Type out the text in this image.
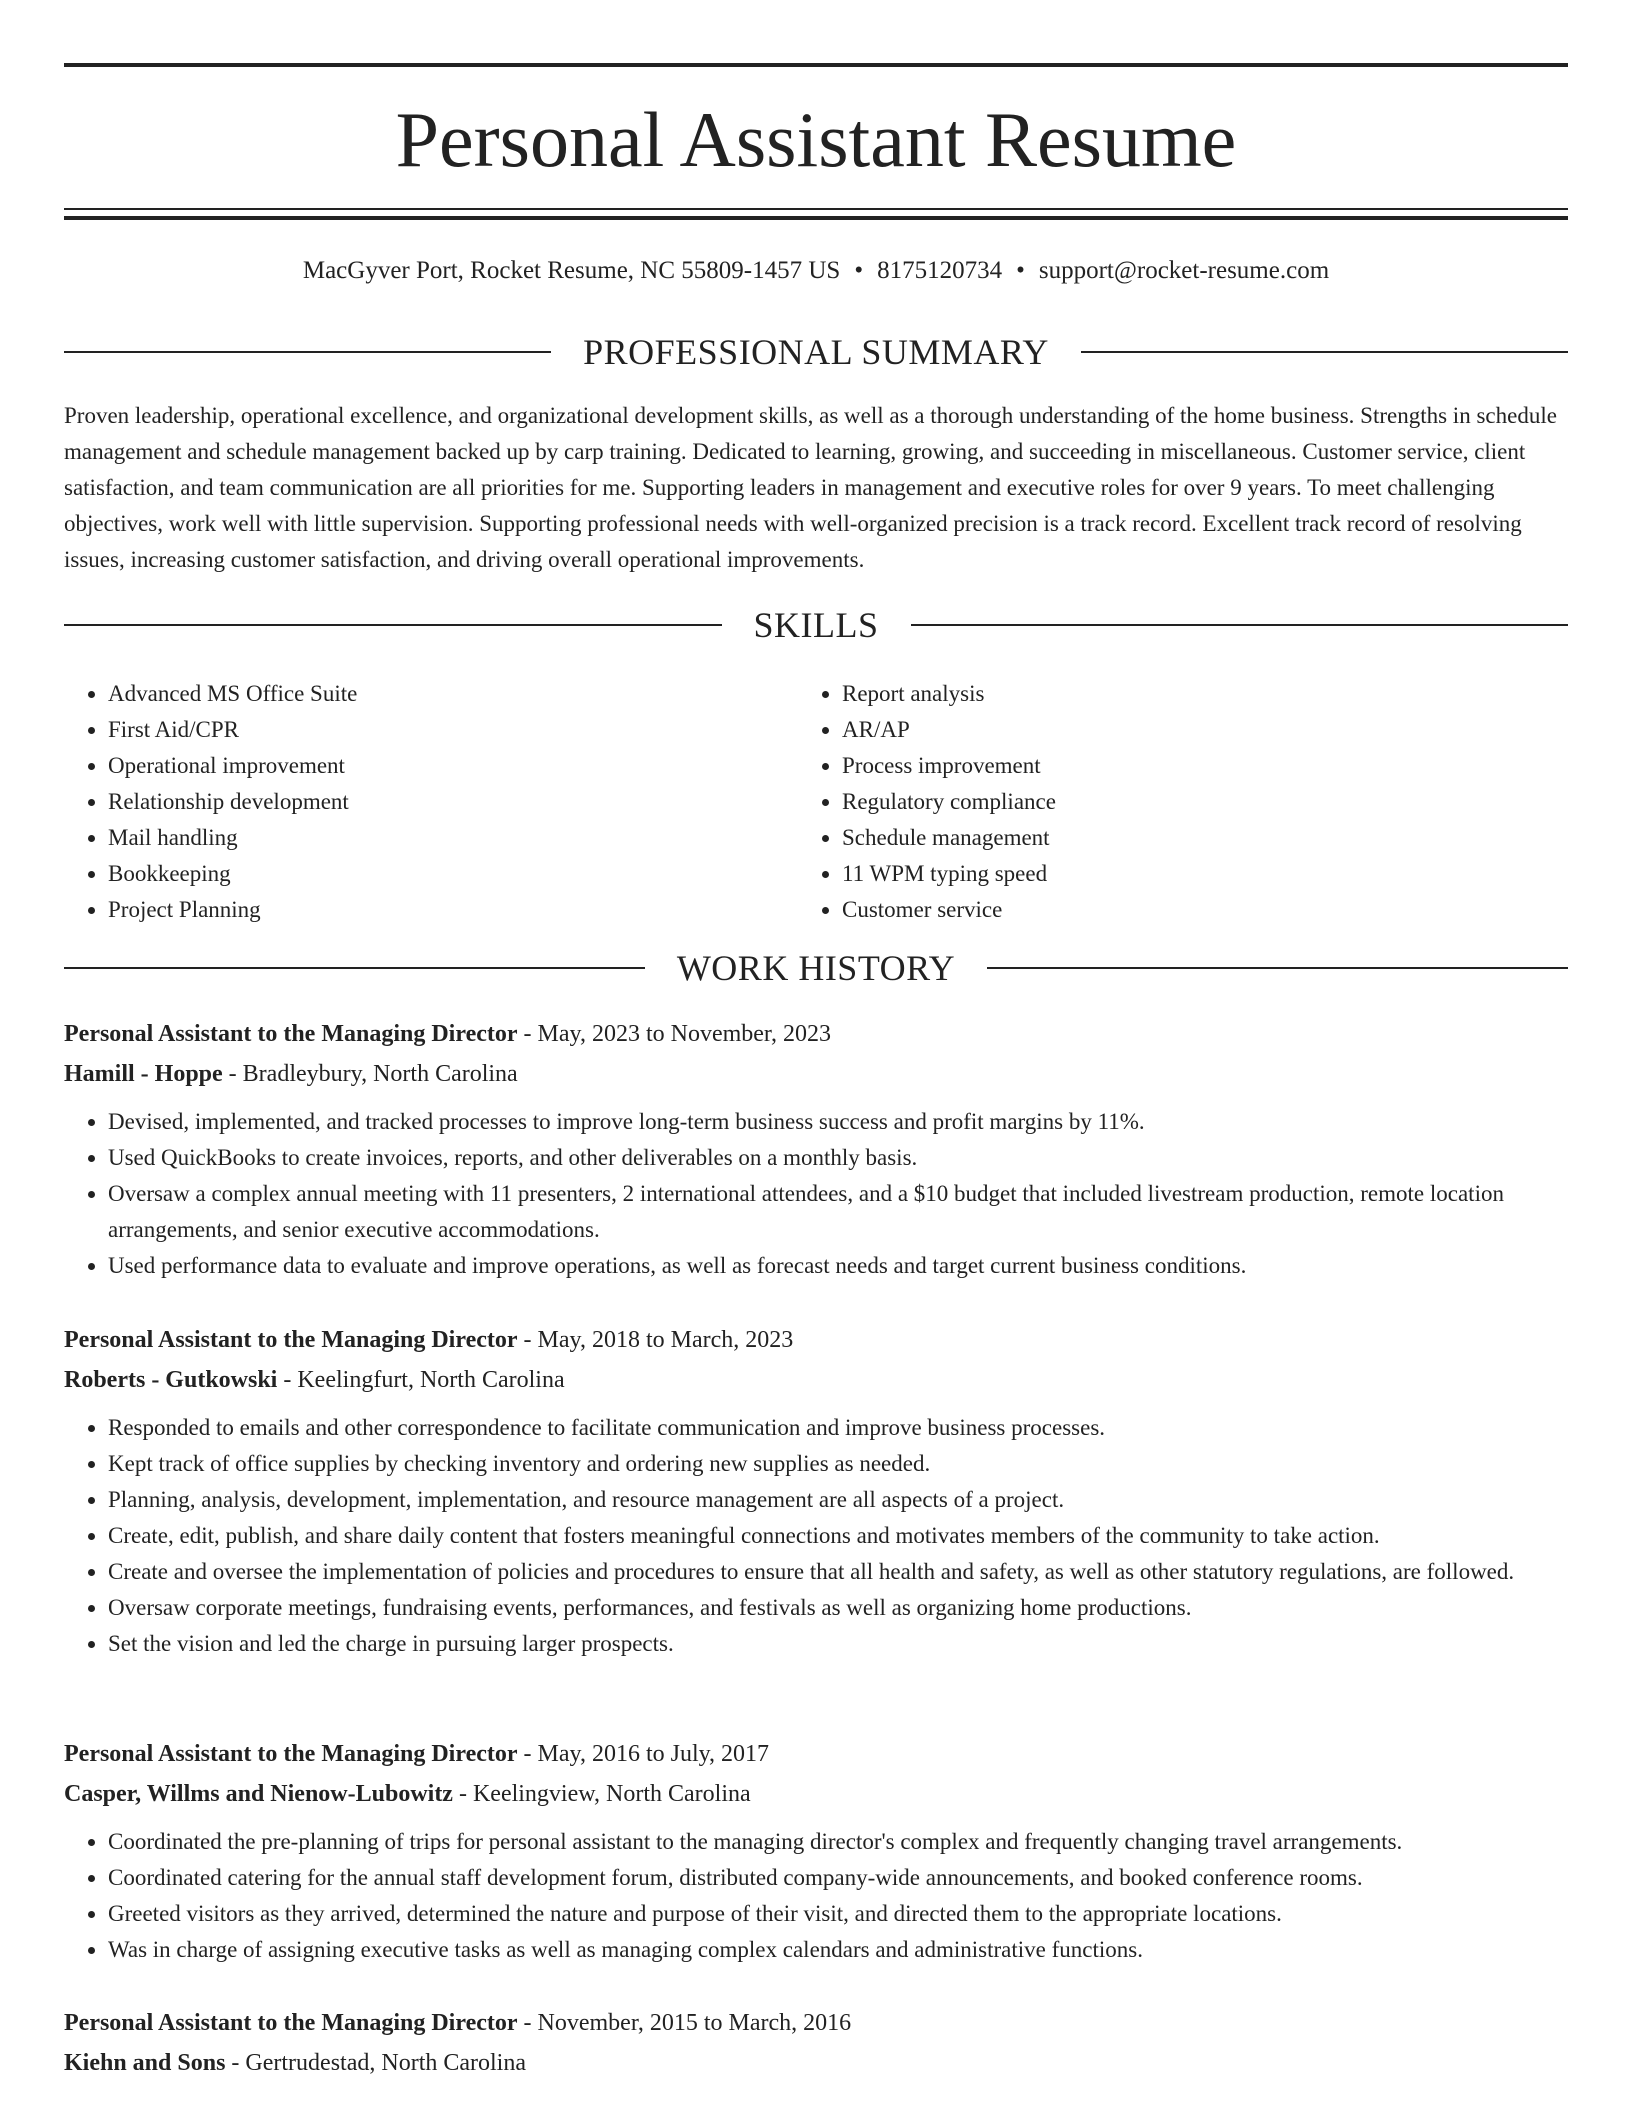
Personal Assistant Resume
MacGyver Port, Rocket Resume, NC 55809-1457 US • 8175120734 • support@rocket-resume.com
PROFESSIONAL SUMMARY
Proven leadership, operational excellence, and organizational development skills, as well as a thorough understanding of the home business. Strengths in schedule management and schedule management backed up by carp training. Dedicated to learning, growing, and succeeding in miscellaneous. Customer service, client satisfaction, and team communication are all priorities for me. Supporting leaders in management and executive roles for over 9 years. To meet challenging objectives, work well with little supervision. Supporting professional needs with well-organized precision is a track record. Excellent track record of resolving issues, increasing customer satisfaction, and driving overall operational improvements.
SKILLS
• Advanced MS Office Suite
• First Aid/CPR
• Operational improvement
• Relationship development
• Mail handling
• Bookkeeping
• Project Planning
• Report analysis
• AR/AP
• Process improvement
• Regulatory compliance
• Schedule management
• 11 WPM typing speed
• Customer service
WORK HISTORY
Personal Assistant to the Managing Director - May, 2023 to November, 2023
Hamill - Hoppe - Bradleybury, North Carolina
• Devised, implemented, and tracked processes to improve long-term business success and profit margins by 11%.
• Used QuickBooks to create invoices, reports, and other deliverables on a monthly basis.
• Oversaw a complex annual meeting with 11 presenters, 2 international attendees, and a $10 budget that included livestream production, remote location arrangements, and senior executive accommodations.
• Used performance data to evaluate and improve operations, as well as forecast needs and target current business conditions.
Personal Assistant to the Managing Director - May, 2018 to March, 2023
Roberts - Gutkowski - Keelingfurt, North Carolina
• Responded to emails and other correspondence to facilitate communication and improve business processes.
• Kept track of office supplies by checking inventory and ordering new supplies as needed.
• Planning, analysis, development, implementation, and resource management are all aspects of a project.
• Create, edit, publish, and share daily content that fosters meaningful connections and motivates members of the community to take action.
• Create and oversee the implementation of policies and procedures to ensure that all health and safety, as well as other statutory regulations, are followed.
• Oversaw corporate meetings, fundraising events, performances, and festivals as well as organizing home productions.
• Set the vision and led the charge in pursuing larger prospects.
Personal Assistant to the Managing Director - May, 2016 to July, 2017
Casper, Willms and Nienow-Lubowitz - Keelingview, North Carolina
• Coordinated the pre-planning of trips for personal assistant to the managing director's complex and frequently changing travel arrangements.
• Coordinated catering for the annual staff development forum, distributed company-wide announcements, and booked conference rooms.
• Greeted visitors as they arrived, determined the nature and purpose of their visit, and directed them to the appropriate locations.
• Was in charge of assigning executive tasks as well as managing complex calendars and administrative functions.
Personal Assistant to the Managing Director - November, 2015 to March, 2016
Kiehn and Sons - Gertrudestad, North Carolina
